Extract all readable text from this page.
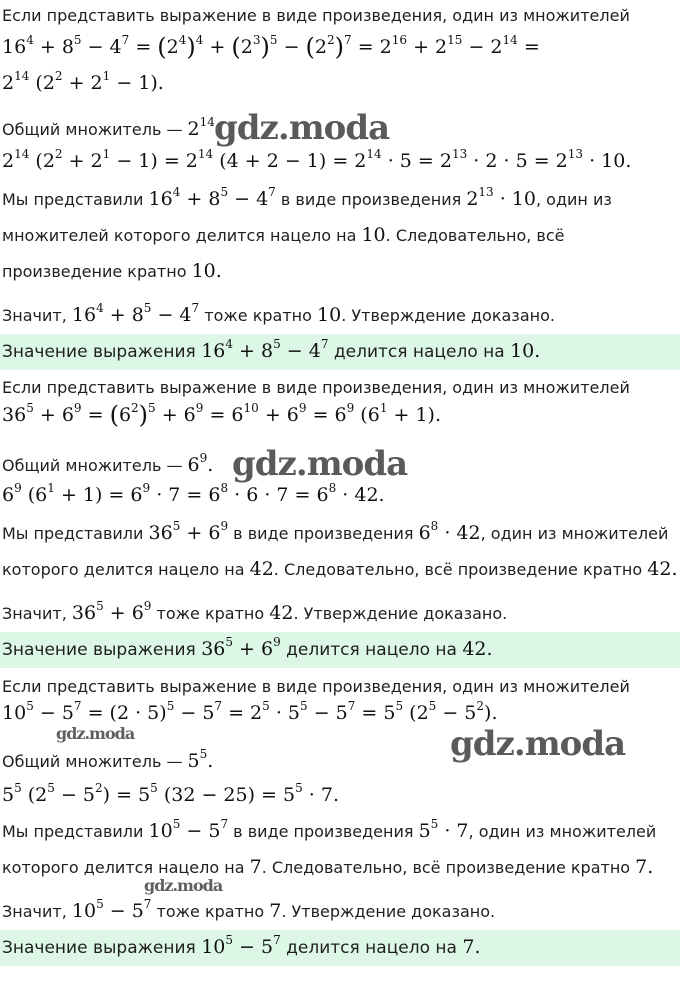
Если представить выражение в виде произведения, один из множителей
$16^4 + 8^5 - 4^7 = (2^4)^4 + (2^3)^5 - (2^2)^7 = 2^{16} + 2^{15} - 2^{14}$ =
$2^{14}$ $(2^2 + 2^1 - 1)$.
Общий множитель — $2^{14}$
$2^{14}$ $(2^2 + 2^1 - 1) = 2^{14}$ $(4 + 2 - 1) = 2^{14} \cdot 5 = 2^{13} \cdot 2 \cdot 5 = 2^{13} \cdot 10$.
Мы представили $16^4 + 8^5 - 4^7$ в виде произведения $2^{13} \cdot 10$, один из
множителей которого делится нацело на 10. Следовательно, всё
произведение кратно 10.
Значит, $16^4 + 8^5 - 4^7$ тоже кратно 10. Утверждение доказано.
Значение выражения $16^4 + 8^5 - 4^7$ делится нацело на 10.
Если представить выражение в виде произведения, один из множителей
$36^5 + 6^9 = (6^2)^5 + 6^9 = 6^{10} + 6^9 = 6^9$ $(6^1 + 1)$.
Общий множитель — $6^9$.
$6^9$ $(6^1 + 1) = 6^9 \cdot 7 = 6^8 \cdot 6 \cdot 7 = 6^8 \cdot 42$.
Мы представили $36^5 + 6^9$ в виде произведения $6^8 \cdot 42$, один из множителей
которого делится нацело на 42. Следовательно, всё произведение кратно 42.
Значит, $36^5 + 6^9$ тоже кратно 42. Утверждение доказано.
Значение выражения $36^5 + 6^9$ делится нацело на 42.
Если представить выражение в виде произведения, один из множителей
$10^5 - 5^7 = (2 \cdot 5)^5 - 5^7 = 2^5 \cdot 5^5 - 5^7 = 5^5$ $(2^5 - 5^2)$.
Общий множитель — $5^5$.
$5^5$ $(2^5 - 5^2) = 5^5$ $(32 - 25) = 5^5 \cdot 7$.
Мы представили $10^5 - 5^7$ в виде произведения $5^5 \cdot 7$, один из множителей
которого делится нацело на 7. Следовательно, всё произведение кратно 7.
Значит, $10^5 - 5^7$ тоже кратно 7. Утверждение доказано.
Значение выражения $10^5 - 5^7$ делится нацело на 7.
gdz.moda
gdz.moda
gdz.moda	gdz.moda
gdz.moda
